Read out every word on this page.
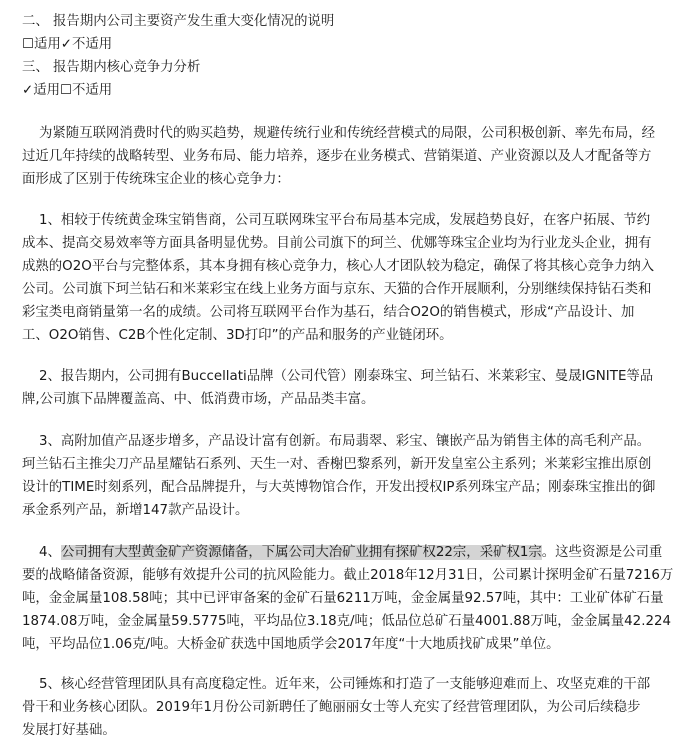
二、 报告期内公司主要资产发生重大变化情况的说明
☐适用✓不适用
三、 报告期内核心竞争力分析
✓适用☐不适用
为紧随互联网消费时代的购买趋势，规避传统行业和传统经营模式的局限，公司积极创新、率先布局，经
过近几年持续的战略转型、业务布局、能力培养，逐步在业务模式、营销渠道、产业资源以及人才配备等方
面形成了区别于传统珠宝企业的核心竞争力：
1、相较于传统黄金珠宝销售商，公司互联网珠宝平台布局基本完成，发展趋势良好，在客户拓展、节约
成本、提高交易效率等方面具备明显优势。目前公司旗下的珂兰、优娜等珠宝企业均为行业龙头企业，拥有
成熟的O2O平台与完整体系，其本身拥有核心竞争力，核心人才团队较为稳定，确保了将其核心竞争力纳入
公司。公司旗下珂兰钻石和米莱彩宝在线上业务方面与京东、天猫的合作开展顺利，分别继续保持钻石类和
彩宝类电商销量第一名的成绩。公司将互联网平台作为基石，结合O2O的销售模式，形成“产品设计、加
工、O2O销售、C2B个性化定制、3D打印”的产品和服务的产业链闭环。
2、报告期内，公司拥有Buccellati品牌（公司代管）刚泰珠宝、珂兰钻石、米莱彩宝、曼晟IGNITE等品
牌,公司旗下品牌覆盖高、中、低消费市场，产品品类丰富。
3、高附加值产品逐步增多，产品设计富有创新。布局翡翠、彩宝、镶嵌产品为销售主体的高毛利产品。
珂兰钻石主推尖刀产品星耀钻石系列、天生一对、香榭巴黎系列，新开发皇室公主系列；米莱彩宝推出原创
设计的TIME时刻系列，配合品牌提升，与大英博物馆合作，开发出授权IP系列珠宝产品；刚泰珠宝推出的御
承金系列产品，新增147款产品设计。
4、公司拥有大型黄金矿产资源储备，下属公司大冶矿业拥有探矿权22宗，采矿权1宗。这些资源是公司重
要的战略储备资源，能够有效提升公司的抗风险能力。截止2018年12月31日，公司累计探明金矿石量7216万
吨，金金属量108.58吨；其中已评审备案的金矿石量6211万吨，金金属量92.57吨，其中：工业矿体矿石量
1874.08万吨，金金属量59.5775吨，平均品位3.18克/吨；低品位总矿石量4001.88万吨，金金属量42.224
吨，平均品位1.06克/吨。大桥金矿获选中国地质学会2017年度“十大地质找矿成果”单位。
5、核心经营管理团队具有高度稳定性。近年来，公司锤炼和打造了一支能够迎难而上、攻坚克难的干部
骨干和业务核心团队。2019年1月份公司新聘任了鲍丽丽女士等人充实了经营管理团队，为公司后续稳步
发展打好基础。
